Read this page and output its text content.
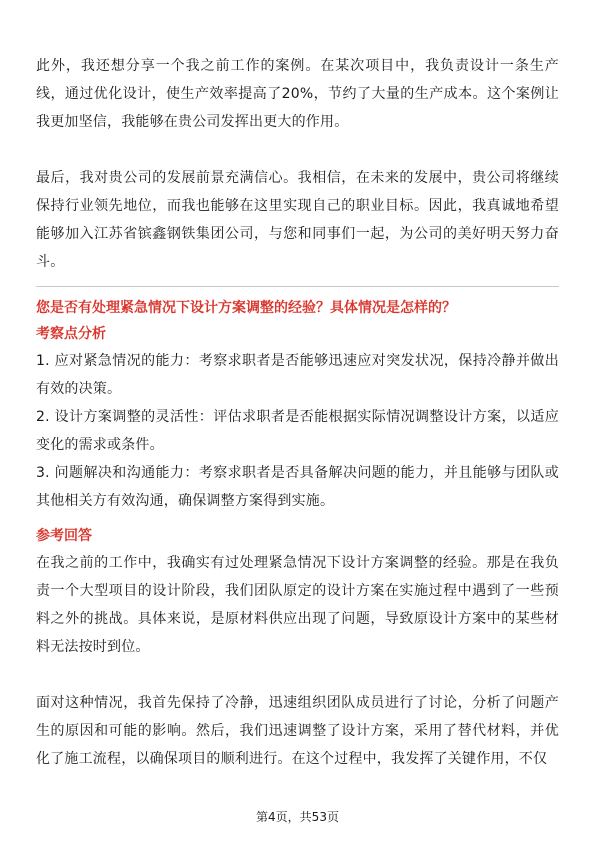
此外，我还想分享一个我之前工作的案例。在某次项目中，我负责设计一条生产线，通过优化设计，使生产效率提高了20%，节约了大量的生产成本。这个案例让我更加坚信，我能够在贵公司发挥出更大的作用。

最后，我对贵公司的发展前景充满信心。我相信，在未来的发展中，贵公司将继续保持行业领先地位，而我也能够在这里实现自己的职业目标。因此，我真诚地希望能够加入江苏省镔鑫钢铁集团公司，与您和同事们一起，为公司的美好明天努力奋斗。

您是否有处理紧急情况下设计方案调整的经验？具体情况是怎样的？

考察点分析

1. 应对紧急情况的能力：考察求职者是否能够迅速应对突发状况，保持冷静并做出有效的决策。

2. 设计方案调整的灵活性：评估求职者是否能根据实际情况调整设计方案，以适应变化的需求或条件。

3. 问题解决和沟通能力：考察求职者是否具备解决问题的能力，并且能够与团队或其他相关方有效沟通，确保调整方案得到实施。

参考回答

在我之前的工作中，我确实有过处理紧急情况下设计方案调整的经验。那是在我负责一个大型项目的设计阶段，我们团队原定的设计方案在实施过程中遇到了一些预料之外的挑战。具体来说，是原材料供应出现了问题，导致原设计方案中的某些材料无法按时到位。

面对这种情况，我首先保持了冷静，迅速组织团队成员进行了讨论，分析了问题产生的原因和可能的影响。然后，我们迅速调整了设计方案，采用了替代材料，并优化了施工流程，以确保项目的顺利进行。在这个过程中，我发挥了关键作用，不仅

第4页，共53页
